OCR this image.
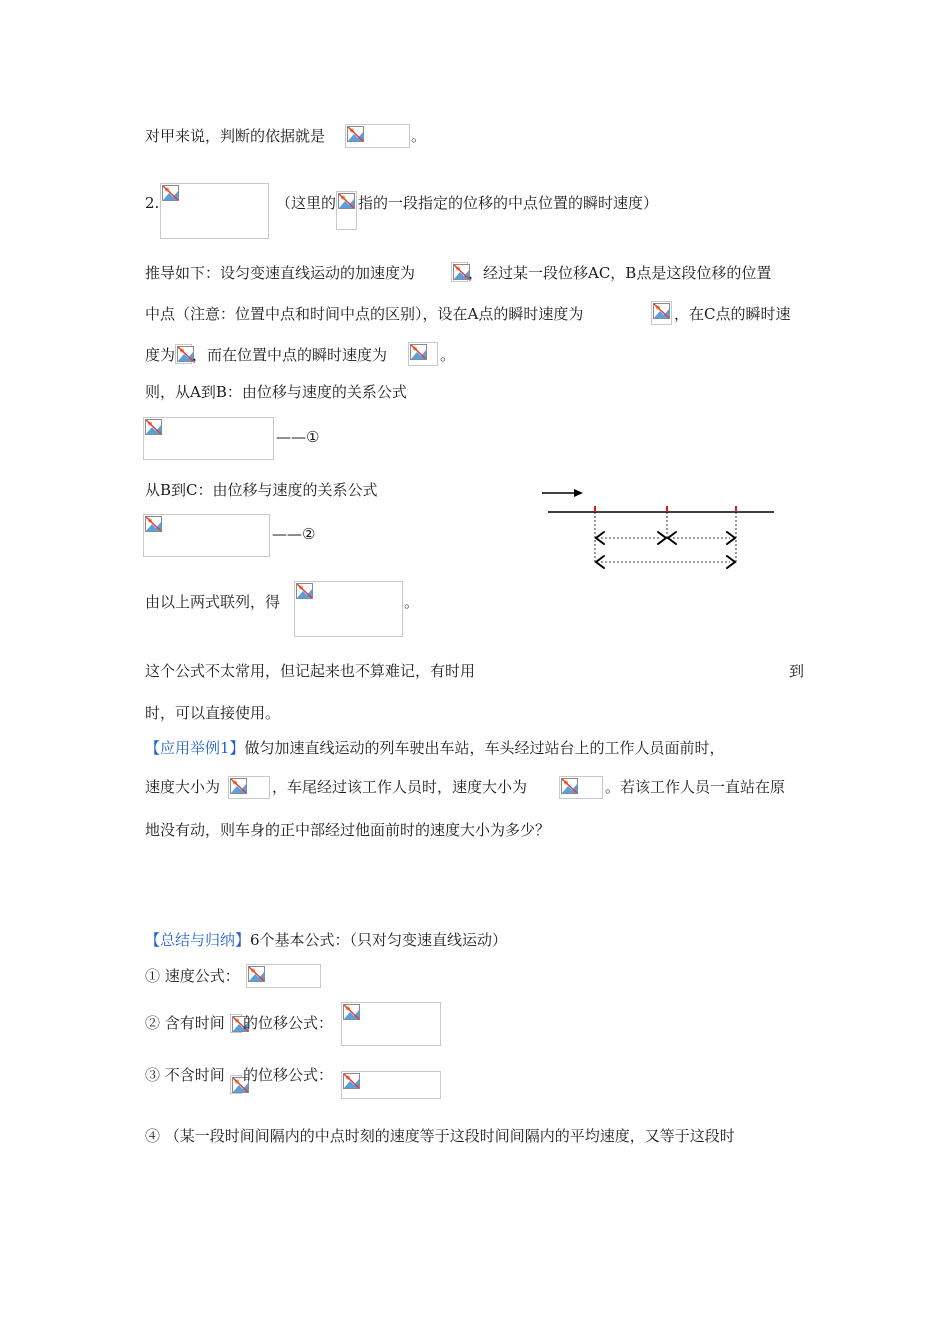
对甲来说，判断的依据就是	。
2.	（这里的 指的一段指定的位移的中点位置的瞬时速度）
推导如下：设匀变速直线运动的加速度为	，经过某一段位移AC，B点是这段位移的位置
中点（注意：位置中点和时间中点的区别），设在A点的瞬时速度为	，在C点的瞬时速
度为 ，而在位置中点的瞬时速度为	。
则，从A到B：由位移与速度的关系公式
——①
从B到C：由位移与速度的关系公式
——②
由以上两式联列，得	。
这个公式不太常用，但记起来也不算难记，有时用	到
时，可以直接使用。
【应用举例1】做匀加速直线运动的列车驶出车站，车头经过站台上的工作人员面前时，
速度大小为	，车尾经过该工作人员时，速度大小为	。若该工作人员一直站在原
地没有动，则车身的正中部经过他面前时的速度大小为多少？
【总结与归纳】6个基本公式：（只对匀变速直线运动）
① 速度公式：
② 含有时间 的位移公式：
③ 不含时间 的位移公式：
④ （某一段时间间隔内的中点时刻的速度等于这段时间间隔内的平均速度，又等于这段时
